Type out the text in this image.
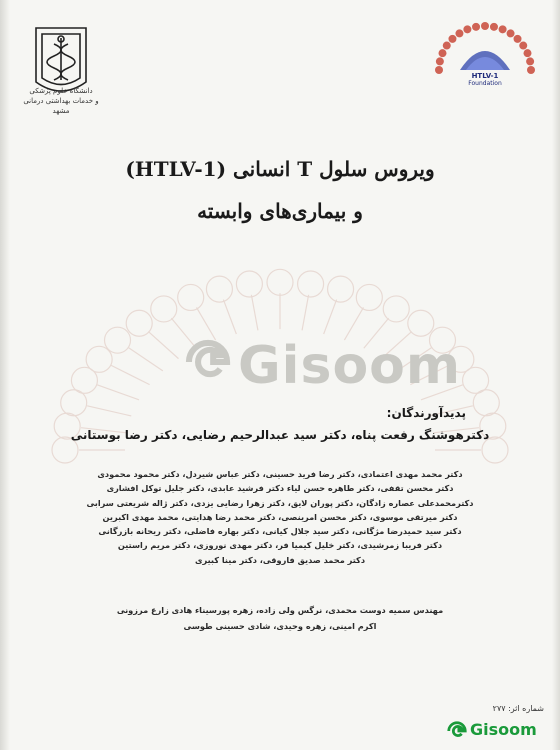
دانشگاه علوم پزشکی
و خدمات بهداشتی درمانی
مشهد
HTLV-1
Foundation
ویروس سلول T انسانی (HTLV-1)
و بیماری‌های وابسته
Gisoom
پدیدآورندگان:
دکترهوشنگ رفعت پناه، دکتر سید عبدالرحیم رضایی، دکتر رضا بوستانی
دکتر محمد مهدی اعتمادی، دکتر رضا فرید حسینی، دکتر عباس شیردل، دکتر محمود محمودی
دکتر محسن تقفی، دکتر طاهره حسن لیاء دکتر فرشید عابدی، دکتر جلیل توکل افشاری
دکترمحمدعلی عصاره زادگان، دکتر پوران لایق، دکتر زهرا رضایی یزدی، دکتر ژاله شریعتی سرابی
دکتر میرتقی موسوی، دکتر محسن امرینصی، دکتر محمد رضا هدایتی، محمد مهدی اکبرین
دکتر سید حمیدرضا مژگانی، دکتر سید جلال کیانی، دکتر بهاره فاضلی، دکتر ریحانه بازرگانی
دکتر فریبا زمرشیدی، دکتر خلیل کیمیا فر، دکتر مهدی نوروزی، دکتر مریم راستین
دکتر محمد صدیق فاروقی، دکتر مینا کبیری
مهندس سمیه دوست محمدی، نرگس ولی زاده، زهره پورسیناء هادی زارع مرزونی
اکرم امینی، زهره وحیدی، شادی حسینی طوسی
شماره اثر: ۲۷۷
Gisoom
